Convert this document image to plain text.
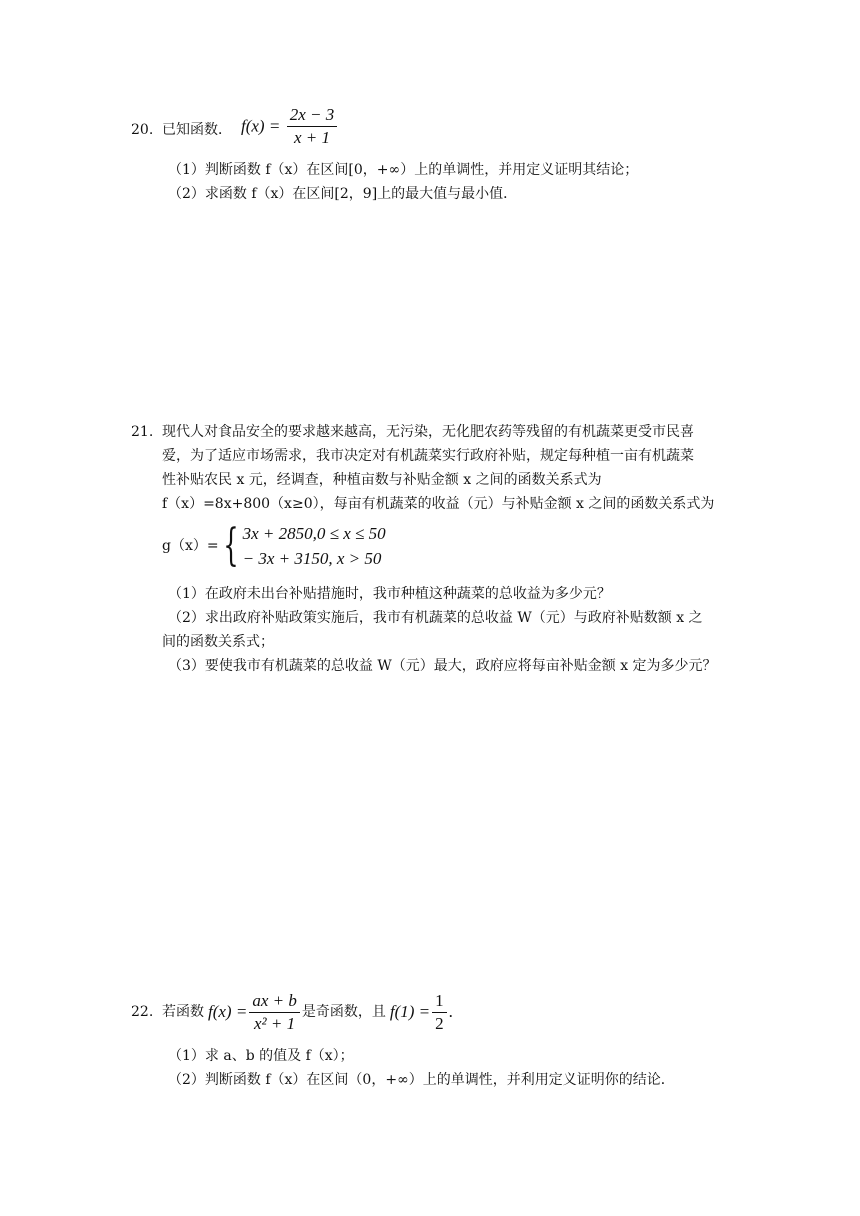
20. 已知函数． $f(x) = \frac{2x - 3}{x + 1}$
（1）判断函数 f（x）在区间[0，+∞）上的单调性，并用定义证明其结论；
（2）求函数 f（x）在区间[2，9]上的最大值与最小值．
21. 现代人对食品安全的要求越来越高，无污染，无化肥农药等残留的有机蔬菜更受市民喜
爱，为了适应市场需求，我市决定对有机蔬菜实行政府补贴，规定每种植一亩有机蔬菜
性补贴农民 x 元，经调查，种植亩数与补贴金额 x 之间的函数关系式为
f（x）=8x+800（x≥0），每亩有机蔬菜的收益（元）与补贴金额 x 之间的函数关系式为
g（x）= { 3x + 2850,0 ≤ x ≤ 50
− 3x + 3150, x > 50
（1）在政府未出台补贴措施时，我市种植这种蔬菜的总收益为多少元？
（2）求出政府补贴政策实施后，我市有机蔬菜的总收益 W（元）与政府补贴数额 x 之
间的函数关系式；
（3）要使我市有机蔬菜的总收益 W（元）最大，政府应将每亩补贴金额 x 定为多少元？
22. 若函数 $f(x) = \frac{ax + b}{\text{x² + 1}}$ 是奇函数，且 $f(1) = \frac{1}{2}$ .
（1）求 a、b 的值及 f（x）；
（2）判断函数 f（x）在区间（0，+∞）上的单调性，并利用定义证明你的结论．
